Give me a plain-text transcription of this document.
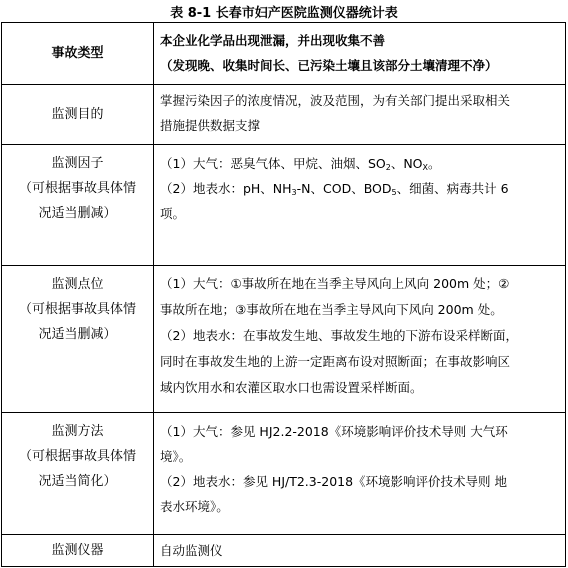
表 8-1 长春市妇产医院监测仪器统计表
事故类型
本企业化学品出现泄漏，并出现收集不善
（发现晚、收集时间长、已污染土壤且该部分土壤清理不净）
监测目的
掌握污染因子的浓度情况，波及范围，为有关部门提出采取相关
措施提供数据支撑
监测因子
（可根据事故具体情
况适当删减）
（1）大气：恶臭气体、甲烷、油烟、$SO_2$、$NO_X$。
（2）地表水：pH、$NH_3-N$、COD、$BOD_5$、细菌、病毒共计 6
项。
监测点位
（可根据事故具体情
况适当删减）
（1）大气：①事故所在地在当季主导风向上风向 200m 处；②
事故所在地；③事故所在地在当季主导风向下风向 200m 处。
（2）地表水：在事故发生地、事故发生地的下游布设采样断面，
同时在事故发生地的上游一定距离布设对照断面；在事故影响区
域内饮用水和农灌区取水口也需设置采样断面。
监测方法
（可根据事故具体情
况适当简化）
（1）大气：参见 HJ2.2-2018《环境影响评价技术导则 大气环
境》。
（2）地表水：参见 HJ/T2.3-2018《环境影响评价技术导则 地
表水环境》。
监测仪器	自动监测仪
